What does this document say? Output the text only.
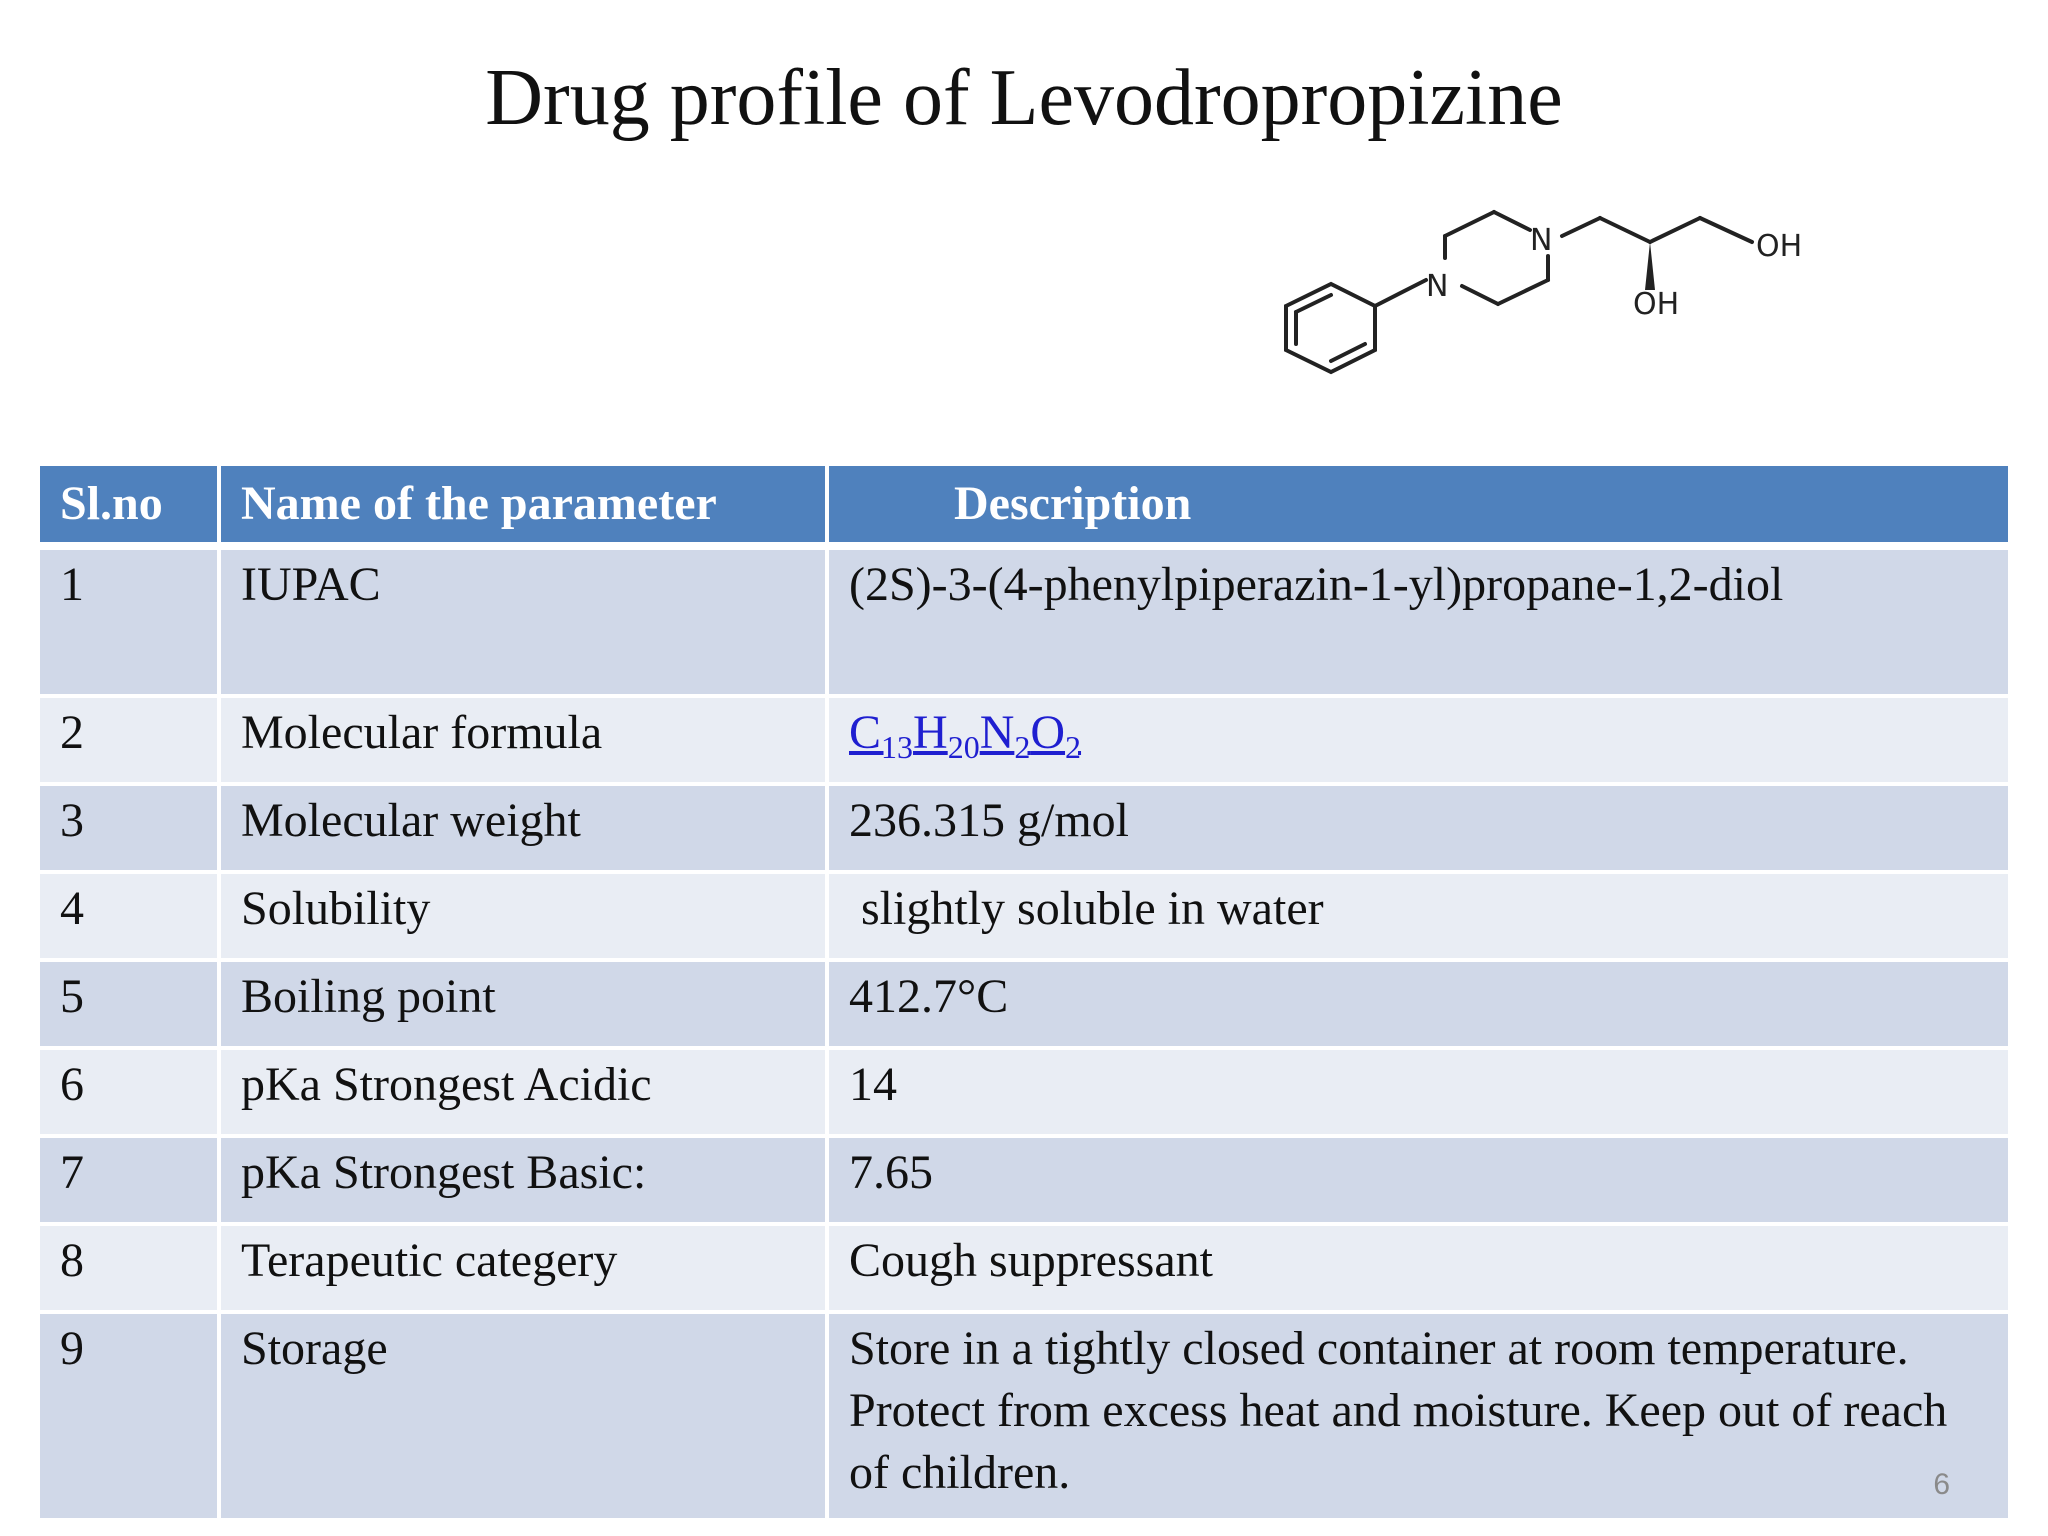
Drug profile of Levodropropizine
N
N
OH
OH
Sl.no	Name of the parameter	Description
1	IUPAC	(2S)-3-(4-phenylpiperazin-1-yl)propane-1,2-diol
2	Molecular formula	$C_{13}H_{20}N_2O_2$
3	Molecular weight	236.315 g/mol
4	Solubility	slightly soluble in water
5	Boiling point	412.7°C
6	pKa Strongest Acidic	14
7	pKa Strongest Basic:	7.65
8	Terapeutic categery	Cough suppressant
9	Storage	Store in a tightly closed container at room temperature. Protect from excess heat and moisture. Keep out of reach of children.	6
